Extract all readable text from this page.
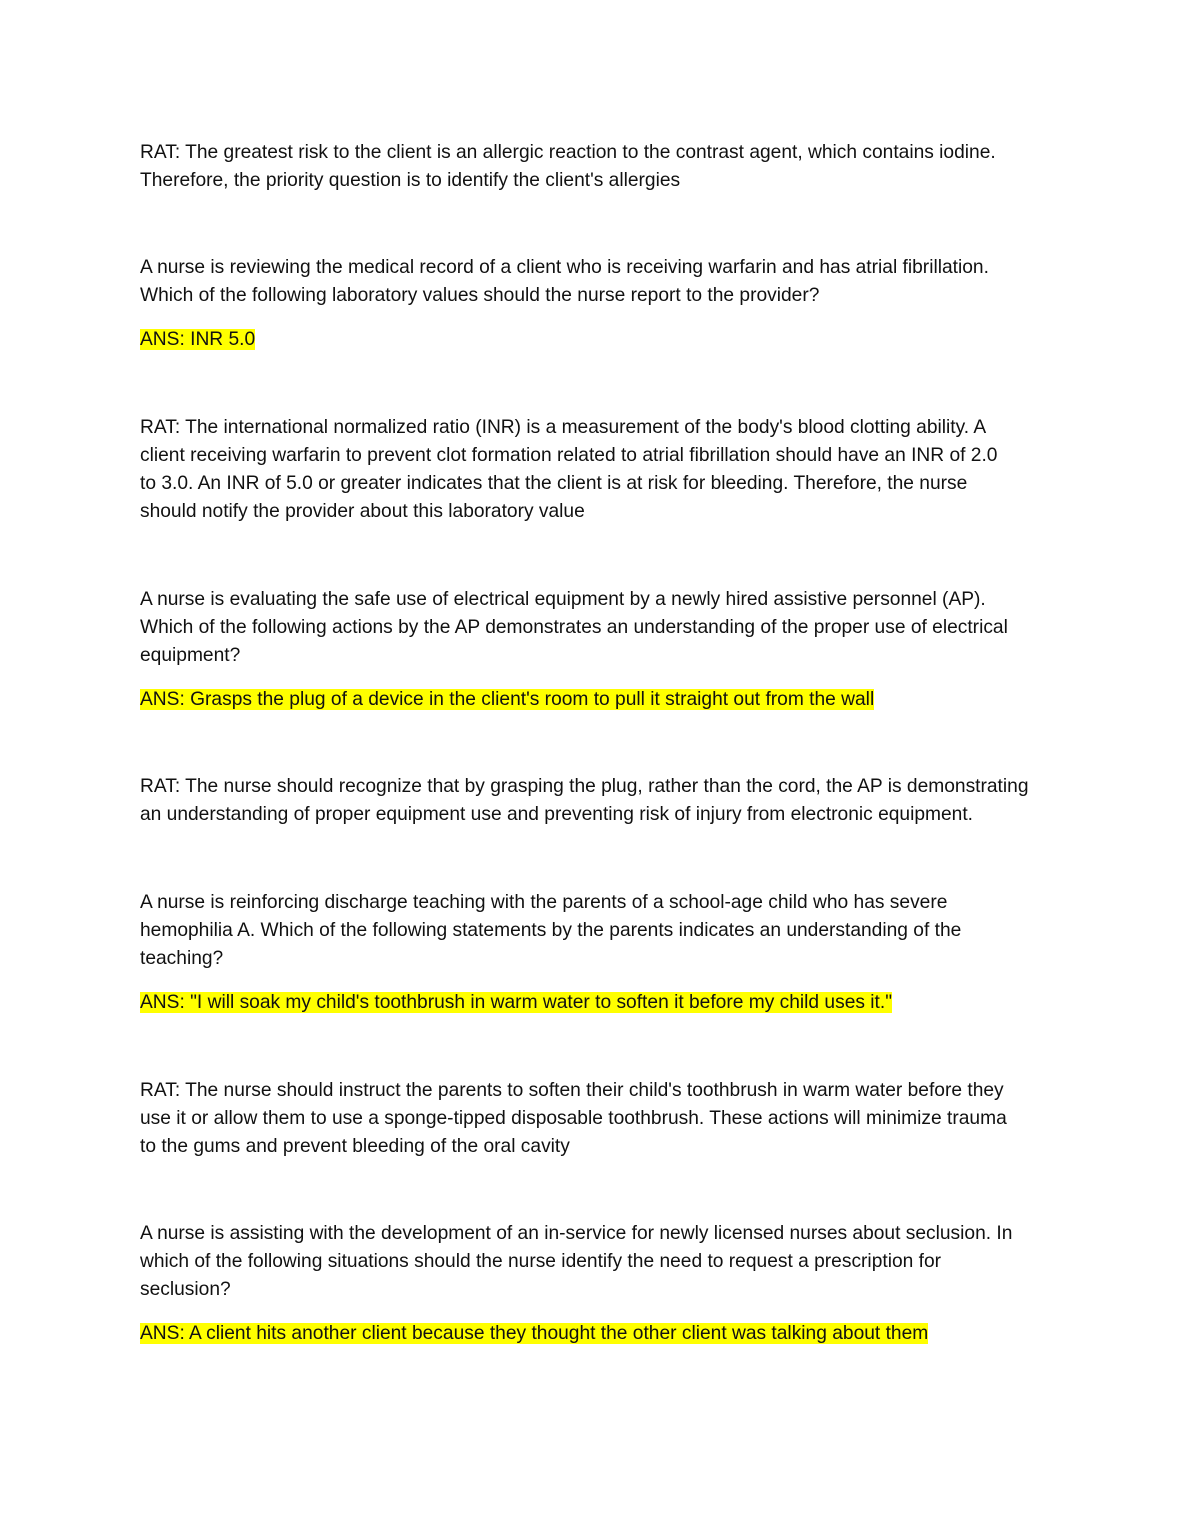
RAT: The greatest risk to the client is an allergic reaction to the contrast agent, which contains iodine.
Therefore, the priority question is to identify the client's allergies

A nurse is reviewing the medical record of a client who is receiving warfarin and has atrial fibrillation.
Which of the following laboratory values should the nurse report to the provider?

ANS: INR 5.0

RAT: The international normalized ratio (INR) is a measurement of the body's blood clotting ability. A
client receiving warfarin to prevent clot formation related to atrial fibrillation should have an INR of 2.0
to 3.0. An INR of 5.0 or greater indicates that the client is at risk for bleeding. Therefore, the nurse
should notify the provider about this laboratory value

A nurse is evaluating the safe use of electrical equipment by a newly hired assistive personnel (AP).
Which of the following actions by the AP demonstrates an understanding of the proper use of electrical
equipment?

ANS: Grasps the plug of a device in the client's room to pull it straight out from the wall

RAT: The nurse should recognize that by grasping the plug, rather than the cord, the AP is demonstrating
an understanding of proper equipment use and preventing risk of injury from electronic equipment.

A nurse is reinforcing discharge teaching with the parents of a school-age child who has severe
hemophilia A. Which of the following statements by the parents indicates an understanding of the
teaching?

ANS: "I will soak my child's toothbrush in warm water to soften it before my child uses it."

RAT: The nurse should instruct the parents to soften their child's toothbrush in warm water before they
use it or allow them to use a sponge-tipped disposable toothbrush. These actions will minimize trauma
to the gums and prevent bleeding of the oral cavity

A nurse is assisting with the development of an in-service for newly licensed nurses about seclusion. In
which of the following situations should the nurse identify the need to request a prescription for
seclusion?

ANS: A client hits another client because they thought the other client was talking about them
